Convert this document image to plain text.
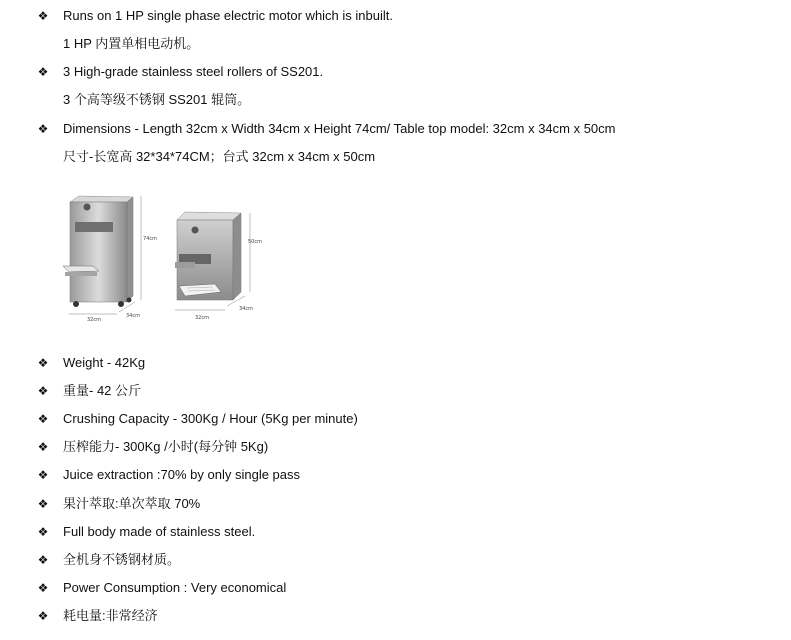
❖ Runs on 1 HP single phase electric motor which is inbuilt.
1 HP 内置单相电动机。
❖ 3 High-grade stainless steel rollers of SS201.
3 个高等级不锈钢 SS201 辊筒。
❖ Dimensions - Length 32cm x Width 34cm x Height 74cm/ Table top model: 32cm x 34cm x 50cm
尺寸-长宽高 32*34*74CM；台式 32cm x 34cm x 50cm
74cm
32cm
34cm
50cm
32cm
34cm
❖ Weight - 42Kg
❖ 重量- 42 公斤
❖ Crushing Capacity - 300Kg / Hour (5Kg per minute)
❖ 压榨能力- 300Kg /小时(每分钟 5Kg)
❖ Juice extraction :70% by only single pass
❖ 果汁萃取:单次萃取 70%
❖ Full body made of stainless steel.
❖ 全机身不锈钢材质。
❖ Power Consumption : Very economical
❖ 耗电量:非常经济
